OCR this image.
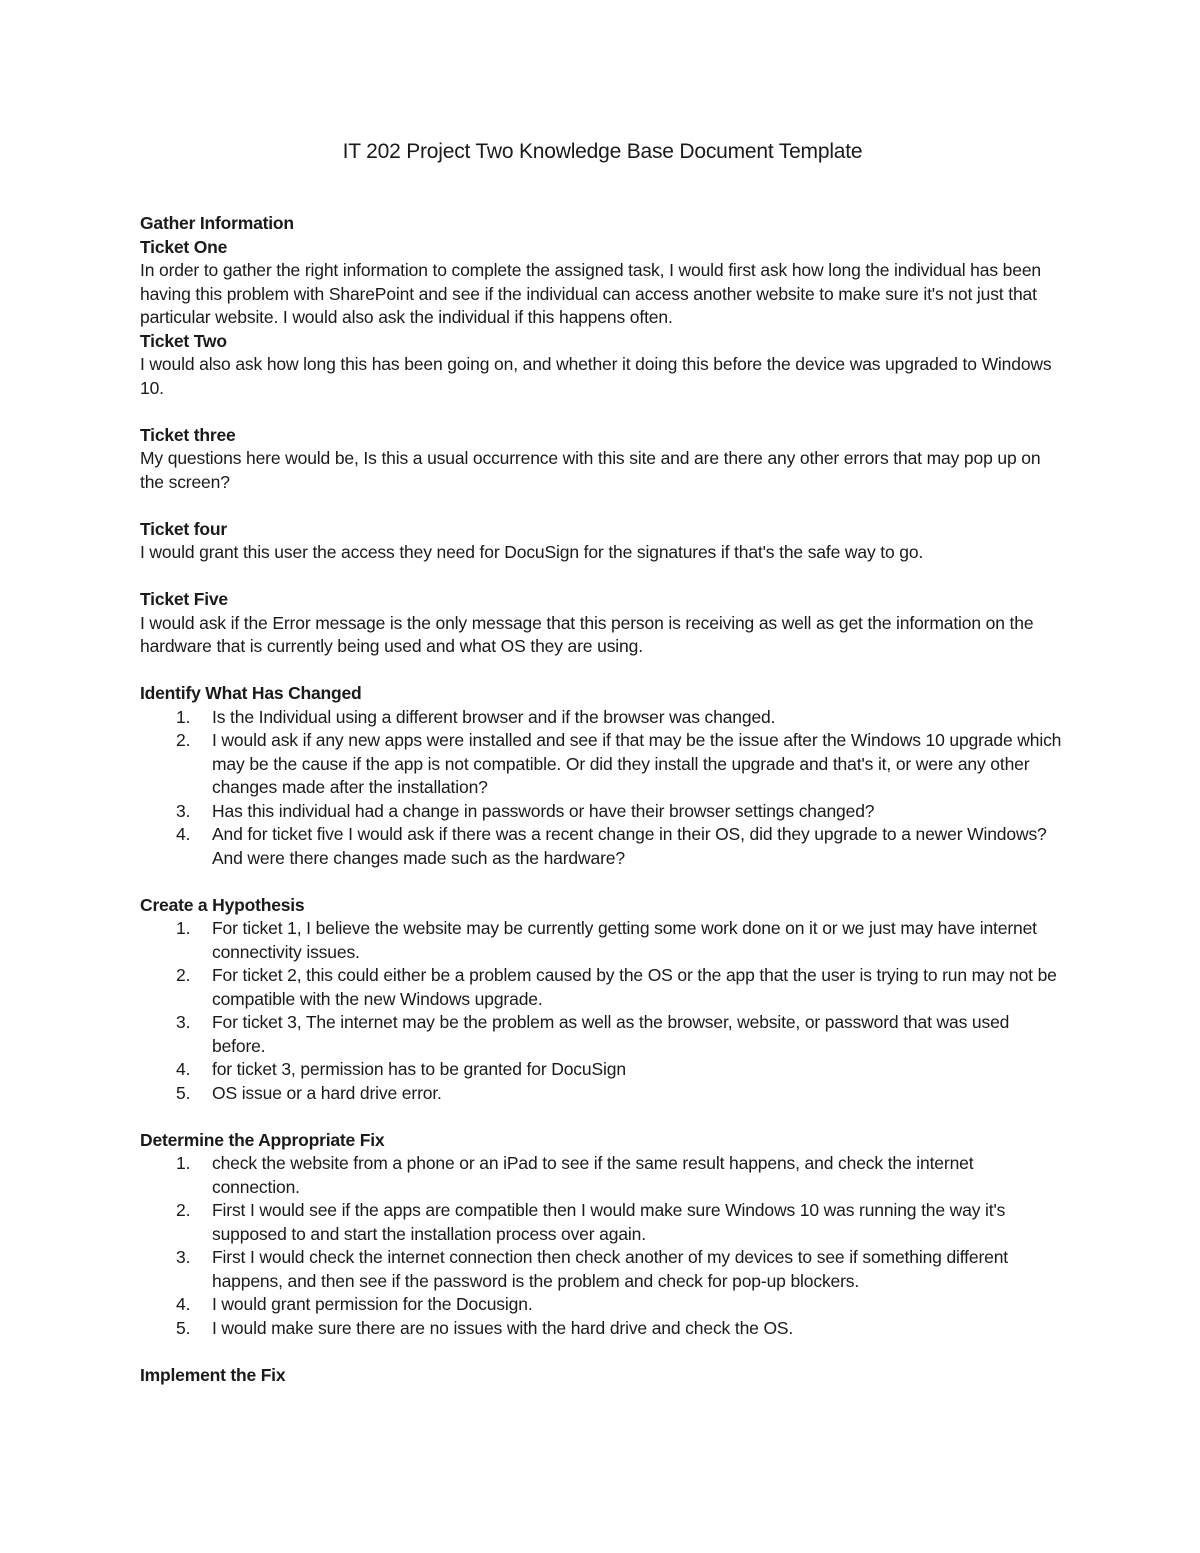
IT 202 Project Two Knowledge Base Document Template
Gather Information
Ticket One
In order to gather the right information to complete the assigned task, I would first ask how long the individual has been having this problem with SharePoint and see if the individual can access another website to make sure it's not just that particular website. I would also ask the individual if this happens often.
Ticket Two
I would also ask how long this has been going on, and whether it doing this before the device was upgraded to Windows 10.
Ticket three
My questions here would be, Is this a usual occurrence with this site and are there any other errors that may pop up on the screen?
Ticket four
I would grant this user the access they need for DocuSign for the signatures if that's the safe way to go.
Ticket Five
I would ask if the Error message is the only message that this person is receiving as well as get the information on the hardware that is currently being used and what OS they are using.
Identify What Has Changed
1. Is the Individual using a different browser and if the browser was changed.
2. I would ask if any new apps were installed and see if that may be the issue after the Windows 10 upgrade which may be the cause if the app is not compatible. Or did they install the upgrade and that's it, or were any other changes made after the installation?
3. Has this individual had a change in passwords or have their browser settings changed?
4. And for ticket five I would ask if there was a recent change in their OS, did they upgrade to a newer Windows? And were there changes made such as the hardware?
Create a Hypothesis
1. For ticket 1, I believe the website may be currently getting some work done on it or we just may have internet connectivity issues.
2. For ticket 2, this could either be a problem caused by the OS or the app that the user is trying to run may not be compatible with the new Windows upgrade.
3. For ticket 3, The internet may be the problem as well as the browser, website, or password that was used before.
4. for ticket 3, permission has to be granted for DocuSign
5. OS issue or a hard drive error.
Determine the Appropriate Fix
1. check the website from a phone or an iPad to see if the same result happens, and check the internet connection.
2. First I would see if the apps are compatible then I would make sure Windows 10 was running the way it's supposed to and start the installation process over again.
3. First I would check the internet connection then check another of my devices to see if something different happens, and then see if the password is the problem and check for pop-up blockers.
4. I would grant permission for the Docusign.
5. I would make sure there are no issues with the hard drive and check the OS.
Implement the Fix
